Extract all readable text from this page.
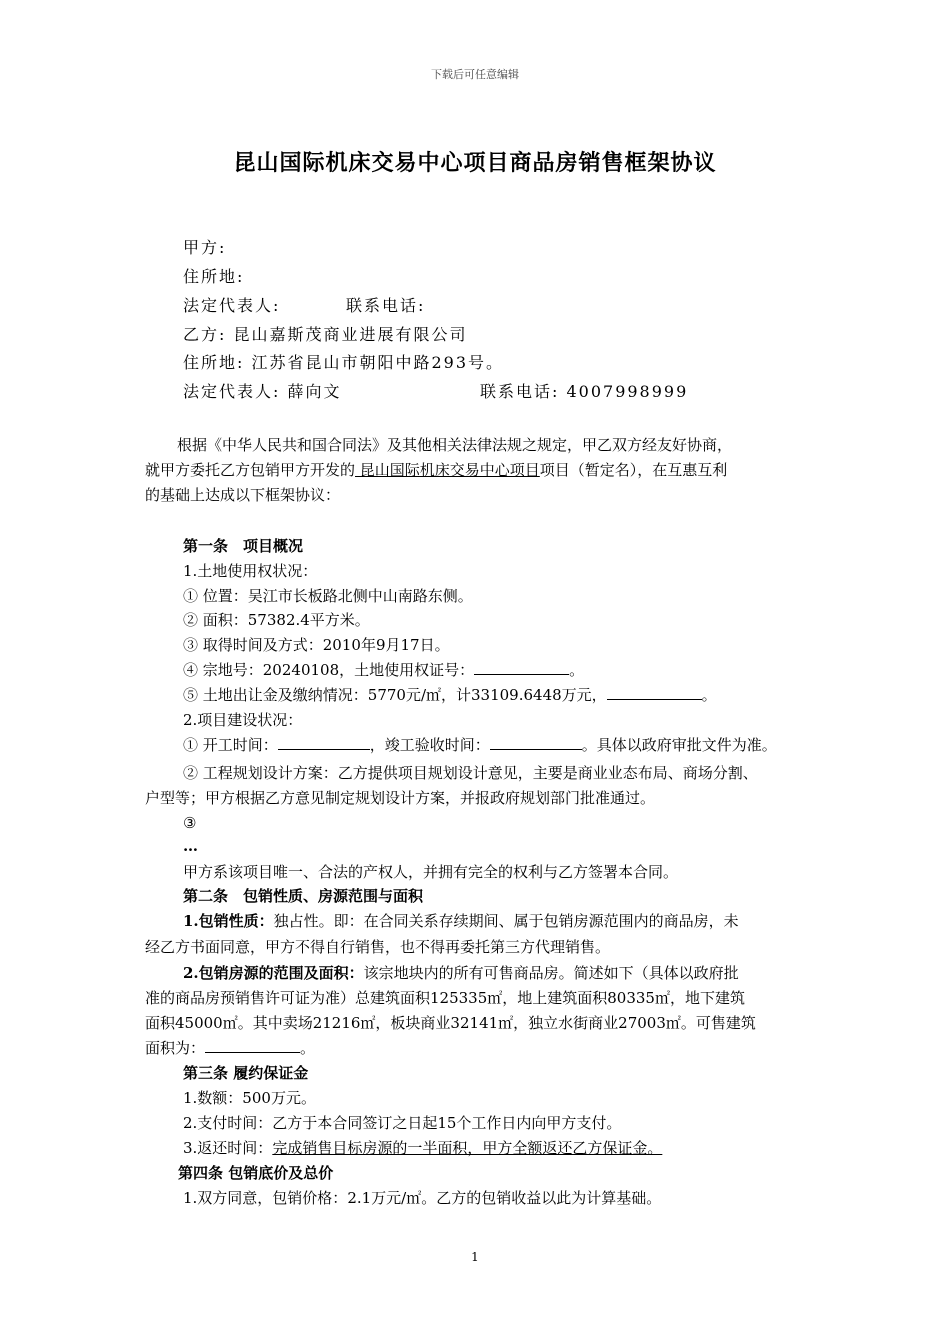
下载后可任意编辑
昆山国际机床交易中心项目商品房销售框架协议
甲方:
住所地:
法定代表人:	联系电话:
乙方: 昆山嘉斯茂商业进展有限公司
住所地: 江苏省昆山市朝阳中路293号。
法定代表人: 薛向文	联系电话: 4007998999
根据《中华人民共和国合同法》及其他相关法律法规之规定，甲乙双方经友好协商，
就甲方委托乙方包销甲方开发的 昆山国际机床交易中心项目项目（暂定名），在互惠互利
的基础上达成以下框架协议：
第一条　项目概况
1.土地使用权状况：
① 位置：吴江市长板路北侧中山南路东侧。
② 面积：57382.4平方米。
③ 取得时间及方式：2010年9月17日。
④ 宗地号：20240108，土地使用权证号：	。
⑤ 土地出让金及缴纳情况：5770元/㎡，计33109.6448万元，	。
2.项目建设状况：
① 开工时间：	，竣工验收时间：	。具体以政府审批文件为准。
② 工程规划设计方案：乙方提供项目规划设计意见，主要是商业业态布局、商场分割、
户型等；甲方根据乙方意见制定规划设计方案，并报政府规划部门批准通过。
③
…
甲方系该项目唯一、合法的产权人，并拥有完全的权利与乙方签署本合同。
第二条　包销性质、房源范围与面积
1.包销性质：独占性。即：在合同关系存续期间、属于包销房源范围内的商品房，未
经乙方书面同意，甲方不得自行销售，也不得再委托第三方代理销售。
2.包销房源的范围及面积：该宗地块内的所有可售商品房。简述如下（具体以政府批
准的商品房预销售许可证为准）总建筑面积125335㎡，地上建筑面积80335㎡，地下建筑
面积45000㎡。其中卖场21216㎡，板块商业32141㎡，独立水街商业27003㎡。可售建筑
面积为：	。
第三条 履约保证金
1.数额：500万元。
2.支付时间：乙方于本合同签订之日起15个工作日内向甲方支付。
3.返还时间：完成销售目标房源的一半面积，甲方全额返还乙方保证金。
第四条 包销底价及总价
1.双方同意，包销价格：2.1万元/㎡。乙方的包销收益以此为计算基础。
1
